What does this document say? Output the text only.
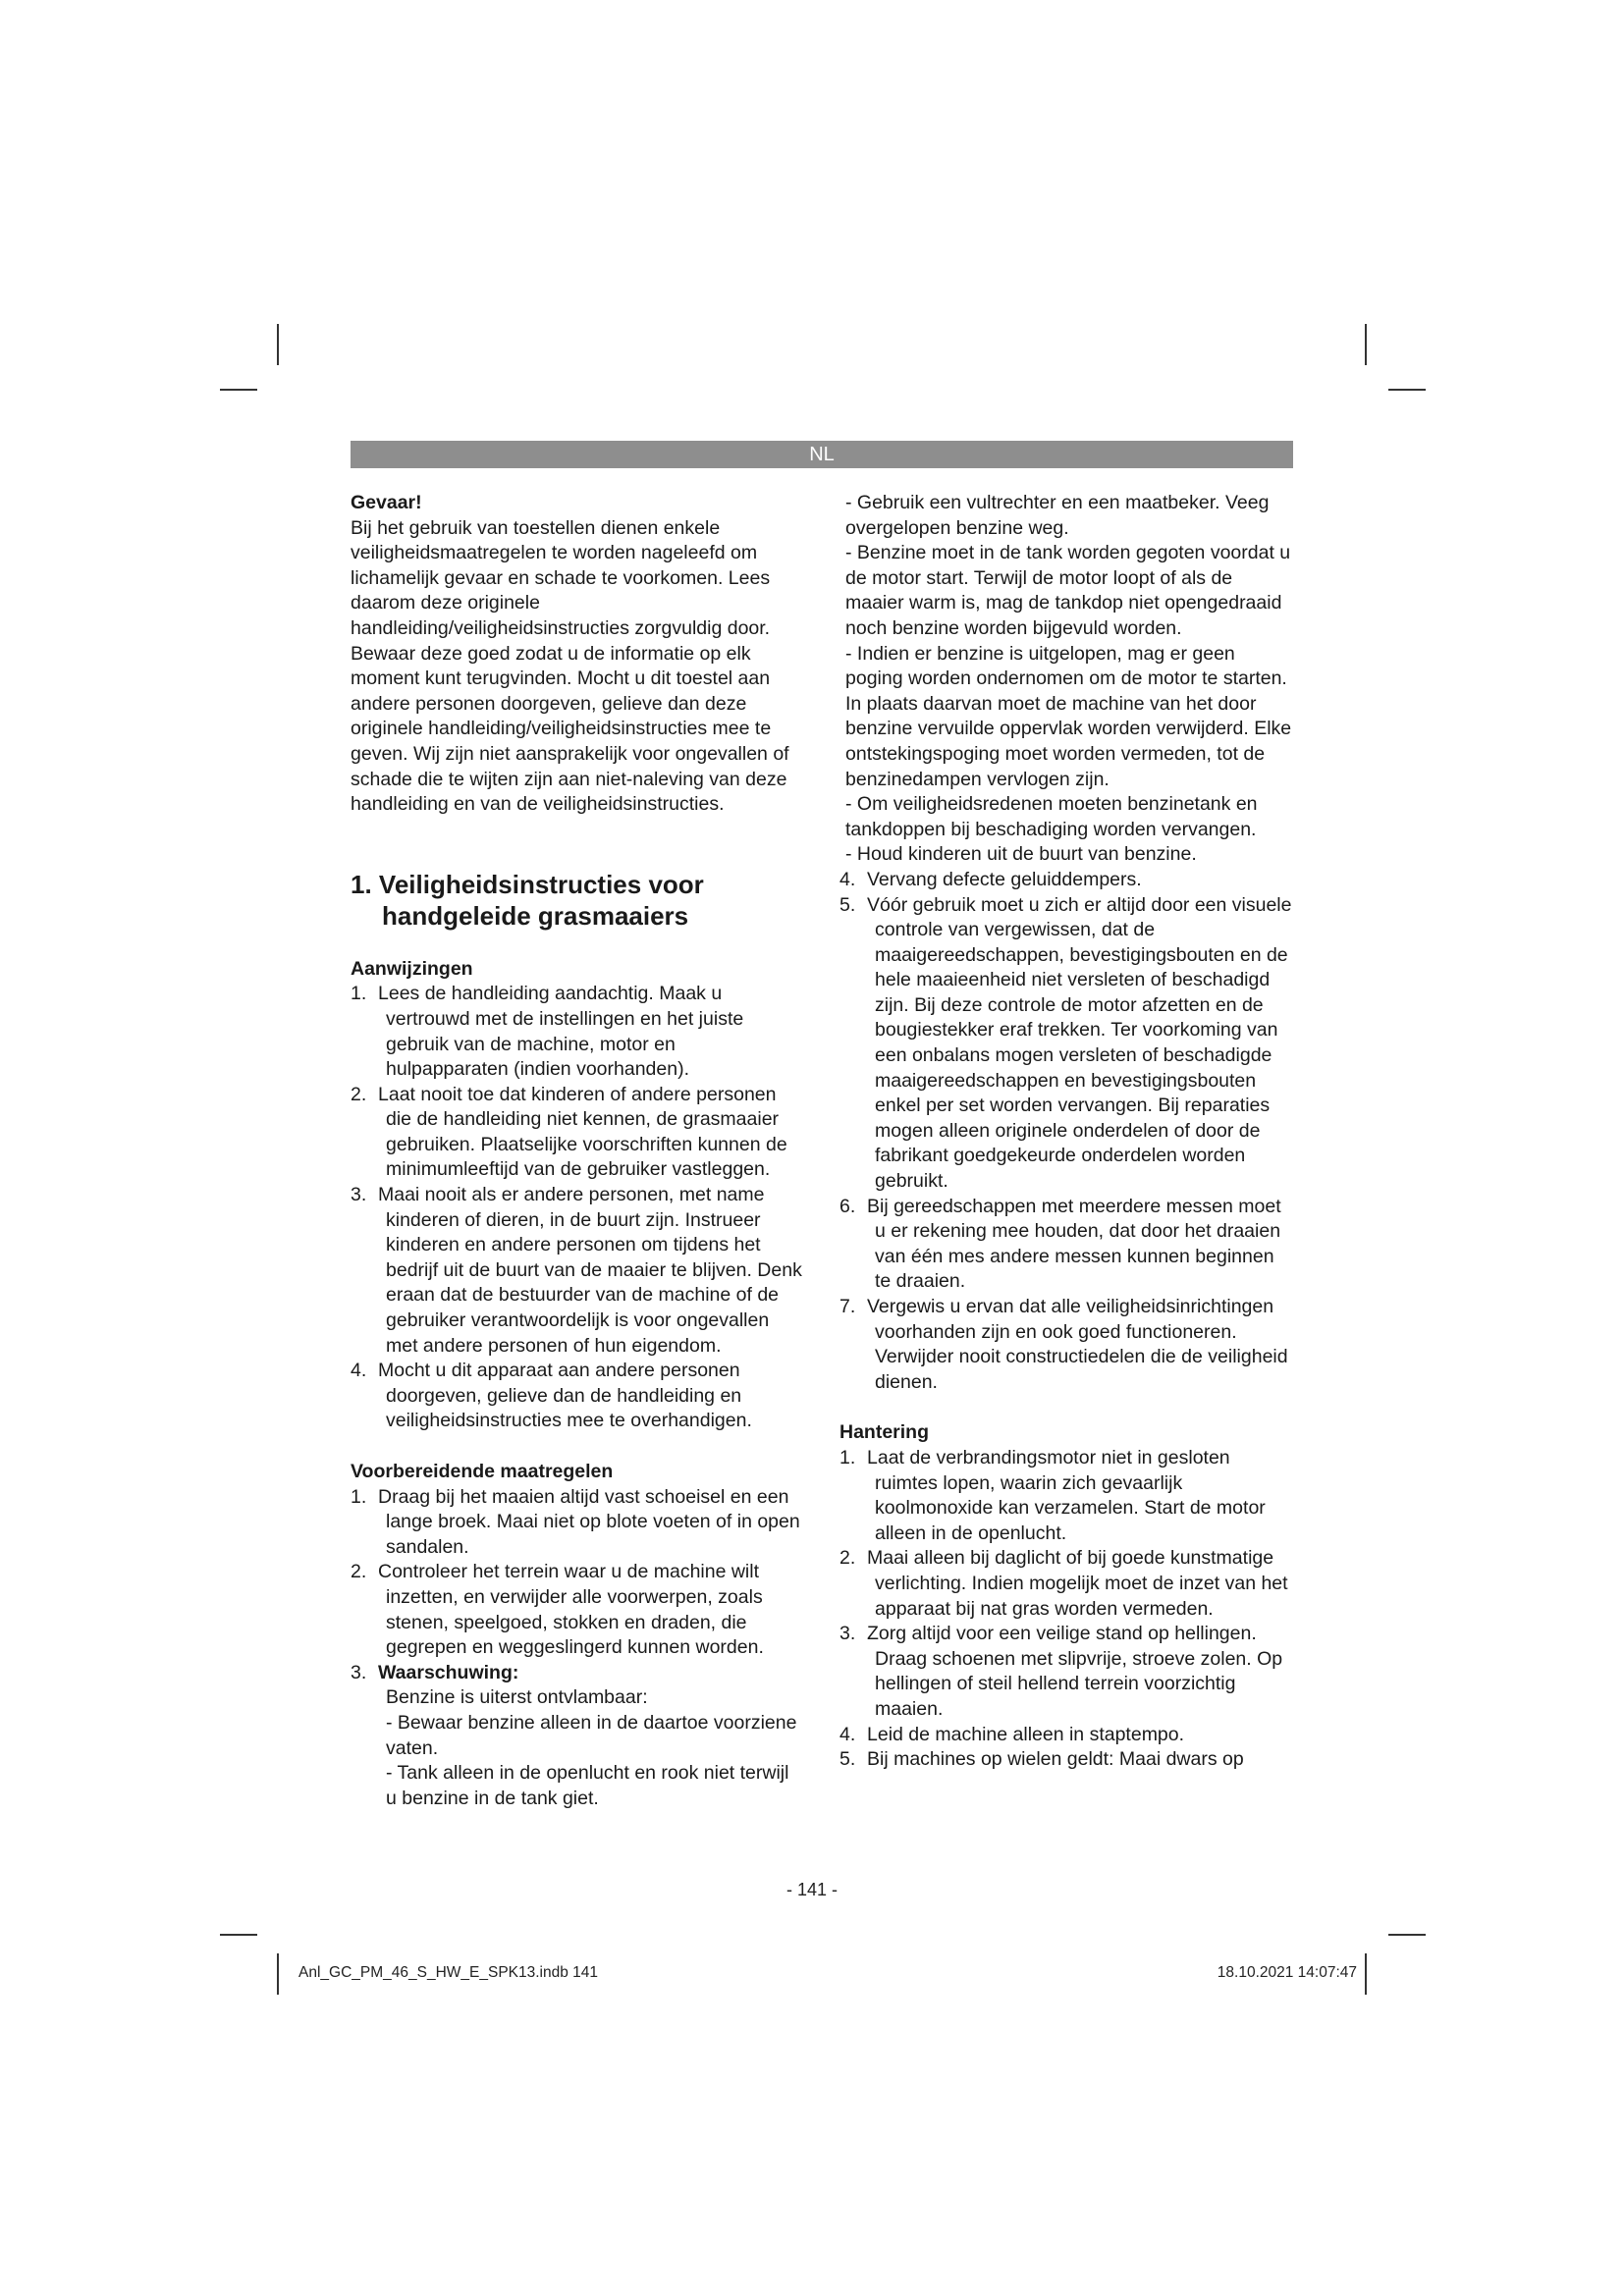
NL
Gevaar!

Bij het gebruik van toestellen dienen enkele veiligheidsmaatregelen te worden nageleefd om lichamelijk gevaar en schade te voorkomen. Lees daarom deze originele handleiding/veiligheidsinstructies zorgvuldig door. Bewaar deze goed zodat u de informatie op elk moment kunt terugvinden. Mocht u dit toestel aan andere personen doorgeven, gelieve dan deze originele handleiding/veiligheidsinstructies mee te geven. Wij zijn niet aansprakelijk voor ongevallen of schade die te wijten zijn aan niet-naleving van deze handleiding en van de veiligheidsinstructies.

1. Veiligheidsinstructies voor handgeleide grasmaaiers
Aanwijzingen
1. Lees de handleiding aandachtig. Maak u vertrouwd met de instellingen en het juiste gebruik van de machine, motor en hulpapparaten (indien voorhanden).
2. Laat nooit toe dat kinderen of andere personen die de handleiding niet kennen, de grasmaaier gebruiken. Plaatselijke voorschriften kunnen de minimumleeftijd van de gebruiker vastleggen.
3. Maai nooit als er andere personen, met name kinderen of dieren, in de buurt zijn. Instrueer kinderen en andere personen om tijdens het bedrijf uit de buurt van de maaier te blijven. Denk eraan dat de bestuurder van de machine of de gebruiker verantwoordelijk is voor ongevallen met andere personen of hun eigendom.
4. Mocht u dit apparaat aan andere personen doorgeven, gelieve dan de handleiding en veiligheidsinstructies mee te overhandigen.
Voorbereidende maatregelen
1. Draag bij het maaien altijd vast schoeisel en een lange broek. Maai niet op blote voeten of in open sandalen.
2. Controleer het terrein waar u de machine wilt inzetten, en verwijder alle voorwerpen, zoals stenen, speelgoed, stokken en draden, die gegrepen en weggeslingerd kunnen worden.
3. Waarschuwing:
Benzine is uiterst ontvlambaar:
- Bewaar benzine alleen in de daartoe voorziene vaten.
- Tank alleen in de openlucht en rook niet terwijl u benzine in de tank giet.
- Gebruik een vultrechter en een maatbeker. Veeg overgelopen benzine weg.
- Benzine moet in de tank worden gegoten voordat u de motor start. Terwijl de motor loopt of als de maaier warm is, mag de tankdop niet opengedraaid noch benzine worden bijgevuld worden.
- Indien er benzine is uitgelopen, mag er geen poging worden ondernomen om de motor te starten. In plaats daarvan moet de machine van het door benzine vervuilde oppervlak worden verwijderd. Elke ontstekingspoging moet worden vermeden, tot de benzinedampen vervlogen zijn.
- Om veiligheidsredenen moeten benzinetank en tankdoppen bij beschadiging worden vervangen.
- Houd kinderen uit de buurt van benzine.
4. Vervang defecte geluiddempers.
5. Vóór gebruik moet u zich er altijd door een visuele controle van vergewissen, dat de maaigereedschappen, bevestigingsbouten en de hele maaieenheid niet versleten of beschadigd zijn. Bij deze controle de motor afzetten en de bougiestekker eraf trekken. Ter voorkoming van een onbalans mogen versleten of beschadigde maaigereedschappen en bevestigingsbouten enkel per set worden vervangen. Bij reparaties mogen alleen originele onderdelen of door de fabrikant goedgekeurde onderdelen worden gebruikt.
6. Bij gereedschappen met meerdere messen moet u er rekening mee houden, dat door het draaien van één mes andere messen kunnen beginnen te draaien.
7. Vergewis u ervan dat alle veiligheidsinrichtingen voorhanden zijn en ook goed functioneren. Verwijder nooit constructiedelen die de veiligheid dienen.
Hantering
1. Laat de verbrandingsmotor niet in gesloten ruimtes lopen, waarin zich gevaarlijk koolmonoxide kan verzamelen. Start de motor alleen in de openlucht.
2. Maai alleen bij daglicht of bij goede kunstmatige verlichting. Indien mogelijk moet de inzet van het apparaat bij nat gras worden vermeden.
3. Zorg altijd voor een veilige stand op hellingen. Draag schoenen met slipvrije, stroeve zolen. Op hellingen of steil hellend terrein voorzichtig maaien.
4. Leid de machine alleen in staptempo.
5. Bij machines op wielen geldt: Maai dwars op
- 141 -
Anl_GC_PM_46_S_HW_E_SPK13.indb 141	18.10.2021 14:07:47
